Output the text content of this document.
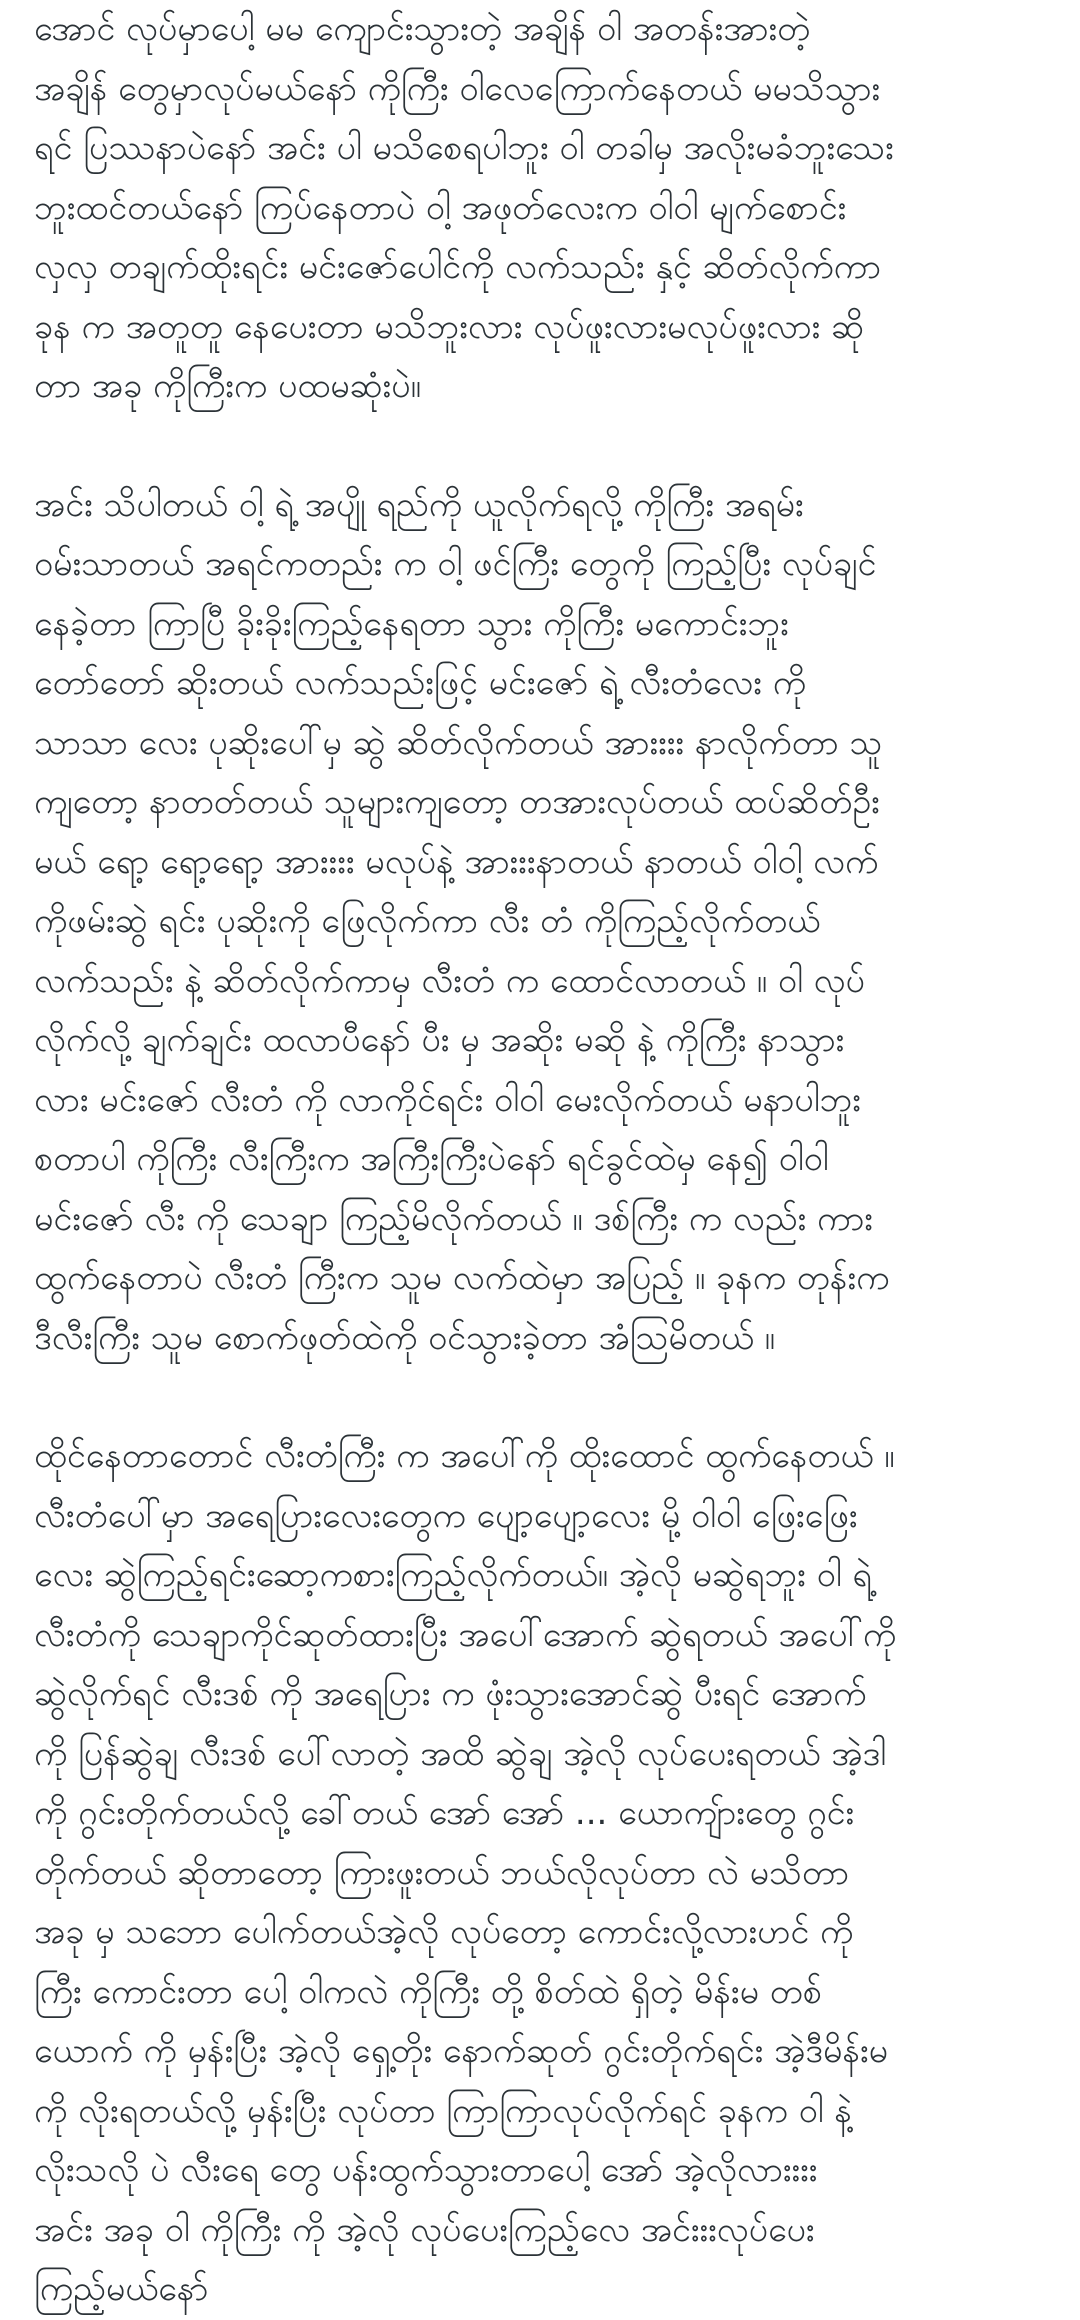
အောင် လုပ်မှာပေါ့ မမ ကျောင်းသွားတဲ့ အချိန် ဝါ အတန်းအားတဲ့
အချိန် တွေမှာလုပ်မယ်နော် ကိုကြီး ဝါလေကြောက်နေတယ် မမသိသွား
ရင် ပြဿနာပဲနော် အင်း ပါ မသိစေရပါဘူး ဝါ တခါမှ အလိုးမခံဘူးသေး
ဘူးထင်တယ်နော် ကြပ်နေတာပဲ ဝါ့ အဖုတ်လေးက ဝါဝါ မျက်စောင်း
လှလှ တချက်ထိုးရင်း မင်းဇော်ပေါင်ကို လက်သည်း နှင့် ဆိတ်လိုက်ကာ
ခုန က အတူတူ နေပေးတာ မသိဘူးလား လုပ်ဖူးလားမလုပ်ဖူးလား ဆို
တာ အခု ကိုကြီးက ပထမဆုံးပဲ။
အင်း သိပါတယ် ဝါ့ ရဲ့ အပျို ရည်ကို ယူလိုက်ရလို့ ကိုကြီး အရမ်း
ဝမ်းသာတယ် အရင်ကတည်း က ဝါ့ ဖင်ကြီး တွေကို ကြည့်ပြီး လုပ်ချင်
နေခဲ့တာ ကြာပြီ ခိုးခိုးကြည့်နေရတာ သွား ကိုကြီး မကောင်းဘူး
တော်တော် ဆိုးတယ် လက်သည်းဖြင့် မင်းဇော် ရဲ့ လီးတံလေး ကို
သာသာ လေး ပုဆိုးပေါ်မှ ဆွဲ ဆိတ်လိုက်တယ် အားးးး နာလိုက်တာ သူ
ကျတော့ နာတတ်တယ် သူများကျတော့ တအားလုပ်တယ် ထပ်ဆိတ်ဦး
မယ် ရော့ ရော့ရော့ အားးးး မလုပ်နဲ့ အားးးနာတယ် နာတယ် ဝါဝါ့ လက်
ကိုဖမ်းဆွဲ ရင်း ပုဆိုးကို ဖြေလိုက်ကာ လီး တံ ကိုကြည့်လိုက်တယ်
လက်သည်း နဲ့ ဆိတ်လိုက်ကာမှ လီးတံ က ထောင်လာတယ် ။ ဝါ လုပ်
လိုက်လို့ ချက်ချင်း ထလာပီနော် ပီး မှ အဆိုး မဆို နဲ့ ကိုကြီး နာသွား
လား မင်းဇော် လီးတံ ကို လာကိုင်ရင်း ဝါဝါ မေးလိုက်တယ် မနာပါဘူး
စတာပါ ကိုကြီး လီးကြီးက အကြီးကြီးပဲနော် ရင်ခွင်ထဲမှ နေ၍ ဝါဝါ
မင်းဇော် လီး ကို သေချာ ကြည့်မိလိုက်တယ် ။ ဒစ်ကြီး က လည်း ကား
ထွက်နေတာပဲ လီးတံ ကြီးက သူမ လက်ထဲမှာ အပြည့် ။ ခုနက တုန်းက
ဒီလီးကြီး သူမ စောက်ဖုတ်ထဲကို ဝင်သွားခဲ့တာ အံဩမိတယ် ။
ထိုင်နေတာတောင် လီးတံကြီး က အပေါ်ကို ထိုးထောင် ထွက်နေတယ် ။
လီးတံပေါ်မှာ အရေပြားလေးတွေက ပျော့ပျော့လေး မို့ ဝါဝါ ဖြေးဖြေး
လေး ဆွဲကြည့်ရင်းဆော့ကစားကြည့်လိုက်တယ်။ အဲ့လို မဆွဲရဘူး ဝါ ရဲ့
လီးတံကို သေချာကိုင်ဆုတ်ထားပြီး အပေါ်အောက် ဆွဲရတယ် အပေါ်ကို
ဆွဲလိုက်ရင် လီးဒစ် ကို အရေပြား က ဖုံးသွားအောင်ဆွဲ ပီးရင် အောက်
ကို ပြန်ဆွဲချ လီးဒစ် ပေါ်လာတဲ့ အထိ ဆွဲချ အဲ့လို လုပ်ပေးရတယ် အဲ့ဒါ
ကို ဂွင်းတိုက်တယ်လို့ ခေါ်တယ် အော် အော် ... ယောကျ်ားတွေ ဂွင်း
တိုက်တယ် ဆိုတာတော့ ကြားဖူးတယ် ဘယ်လိုလုပ်တာ လဲ မသိတာ
အခု မှ သဘော ပေါက်တယ်အဲ့လို လုပ်တော့ ကောင်းလို့လားဟင် ကို
ကြီး ကောင်းတာ ပေါ့ ဝါကလဲ ကိုကြီး တို့ စိတ်ထဲ ရှိတဲ့ မိန်းမ တစ်
ယောက် ကို မှန်းပြီး အဲ့လို ရှေ့တိုး နောက်ဆုတ် ဂွင်းတိုက်ရင်း အဲ့ဒီမိန်းမ
ကို လိုးရတယ်လို့ မှန်းပြီး လုပ်တာ ကြာကြာလုပ်လိုက်ရင် ခုနက ဝါ နဲ့
လိုးသလို ပဲ လီးရေ တွေ ပန်းထွက်သွားတာပေါ့ အော် အဲ့လိုလားးးး
အင်း အခု ဝါ ကိုကြီး ကို အဲ့လို လုပ်ပေးကြည့်လေ အင်းးးလုပ်ပေး
ကြည့်မယ်နော်
